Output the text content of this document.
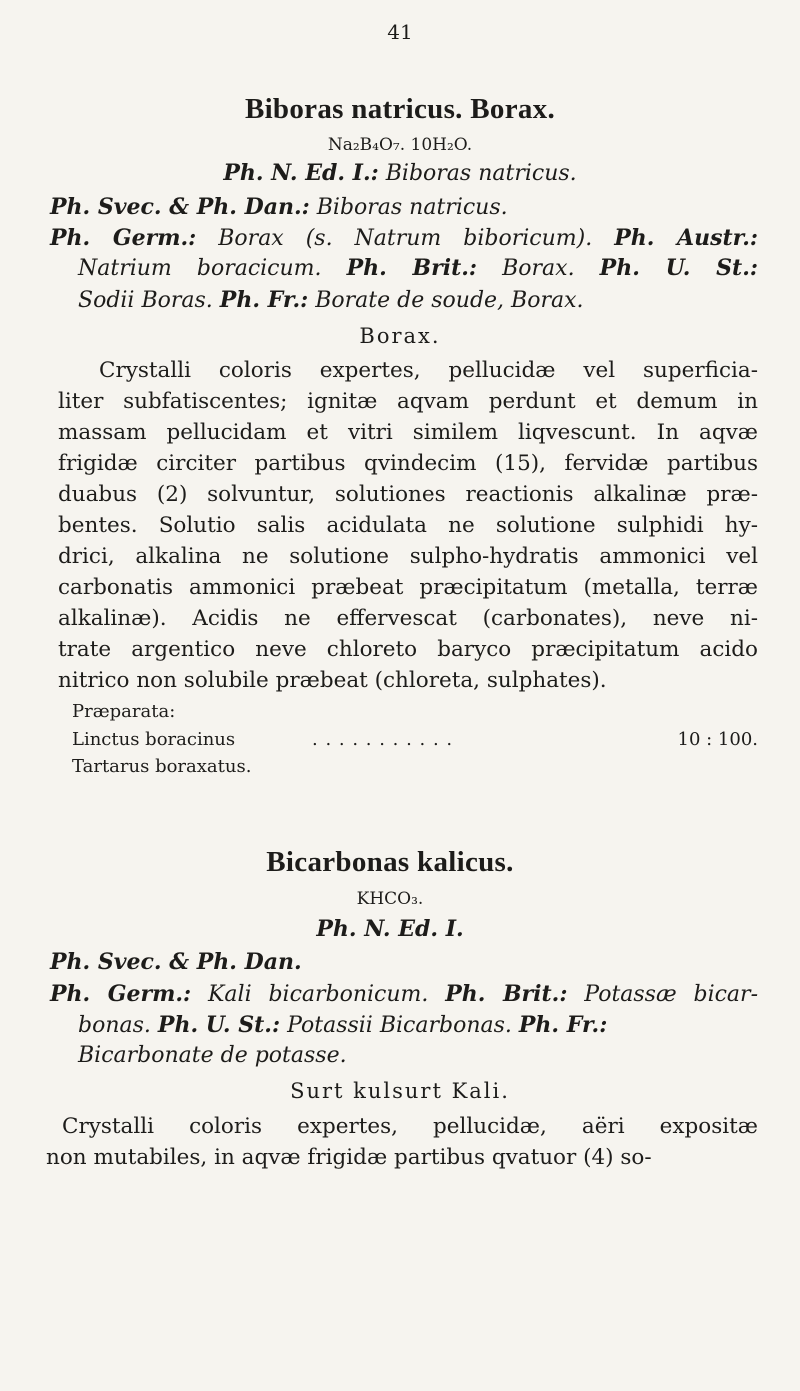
41
Biboras natricus. Borax.
Na₂B₄O₇. 10H₂O.
Ph. N. Ed. I.: Biboras natricus.
Ph. Svec. & Ph. Dan.: Biboras natricus.
Ph. Germ.: Borax (s. Natrum biboricum). Ph. Austr.:
Natrium boracicum. Ph. Brit.: Borax. Ph. U. St.:
Sodii Boras. Ph. Fr.: Borate de soude, Borax.
Borax.
Crystalli coloris expertes, pellucidæ vel superficia-
liter subfatiscentes; ignitæ aqvam perdunt et demum in
massam pellucidam et vitri similem liqvescunt. In aqvæ
frigidæ circiter partibus qvindecim (15), fervidæ partibus
duabus (2) solvuntur, solutiones reactionis alkalinæ præ-
bentes. Solutio salis acidulata ne solutione sulphidi hy-
drici, alkalina ne solutione sulpho-hydratis ammonici vel
carbonatis ammonici præbeat præcipitatum (metalla, terræ
alkalinæ). Acidis ne effervescat (carbonates), neve ni-
trate argentico neve chloreto baryco præcipitatum acido
nitrico non solubile præbeat (chloreta, sulphates).
Præparata:
Linctus boracinus	. . . . . . . . . . .	10 : 100.
Tartarus boraxatus.
Bicarbonas kalicus.
KHCO₃.
Ph. N. Ed. I.
Ph. Svec. & Ph. Dan.
Ph. Germ.: Kali bicarbonicum. Ph. Brit.: Potassæ bicar-
bonas. Ph. U. St.: Potassii Bicarbonas. Ph. Fr.:
Bicarbonate de potasse.
Surt kulsurt Kali.
Crystalli coloris expertes, pellucidæ, aëri expositæ
non mutabiles, in aqvæ frigidæ partibus qvatuor (4) so-
